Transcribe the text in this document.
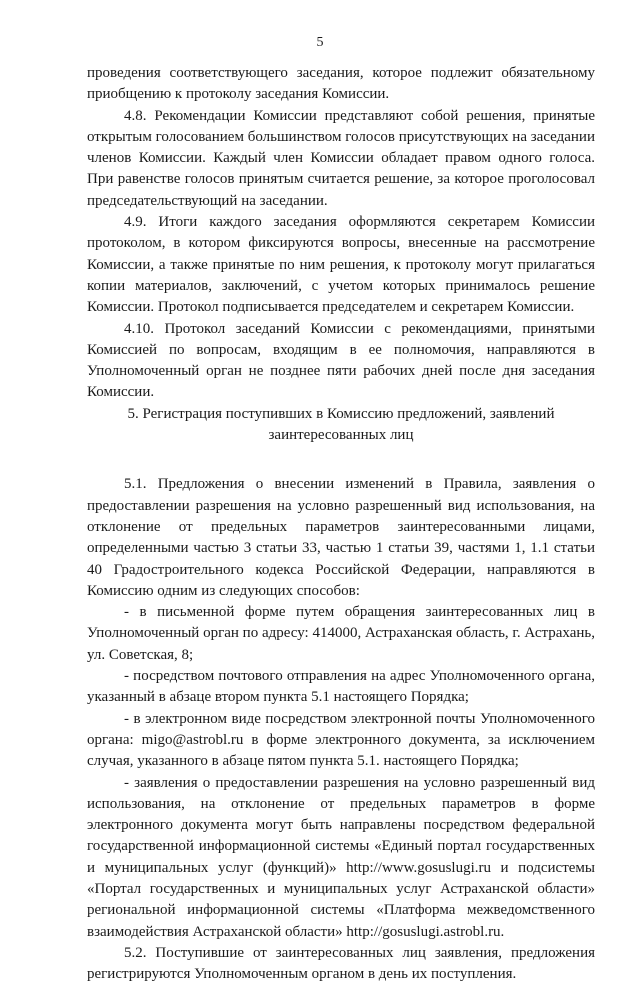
5

проведения соответствующего заседания, которое подлежит обязательному приобщению к протоколу заседания Комиссии.

4.8. Рекомендации Комиссии представляют собой решения, принятые открытым голосованием большинством голосов присутствующих на заседании членов Комиссии. Каждый член Комиссии обладает правом одного голоса. При равенстве голосов принятым считается решение, за которое проголосовал председательствующий на заседании.

4.9. Итоги каждого заседания оформляются секретарем Комиссии протоколом, в котором фиксируются вопросы, внесенные на рассмотрение Комиссии, а также принятые по ним решения, к протоколу могут прилагаться копии материалов, заключений, с учетом которых принималось решение Комиссии. Протокол подписывается председателем и секретарем Комиссии.

4.10. Протокол заседаний Комиссии с рекомендациями, принятыми Комиссией по вопросам, входящим в ее полномочия, направляются в Уполномоченный орган не позднее пяти рабочих дней после дня заседания Комиссии.

5. Регистрация поступивших в Комиссию предложений, заявлений заинтересованных лиц

5.1. Предложения о внесении изменений в Правила, заявления о предоставлении разрешения на условно разрешенный вид использования, на отклонение от предельных параметров заинтересованными лицами, определенными частью 3 статьи 33, частью 1 статьи 39, частями 1, 1.1 статьи 40 Градостроительного кодекса Российской Федерации, направляются в Комиссию одним из следующих способов:

- в письменной форме путем обращения заинтересованных лиц в Уполномоченный орган по адресу: 414000, Астраханская область, г. Астрахань, ул. Советская, 8;

- посредством почтового отправления на адрес Уполномоченного органа, указанный в абзаце втором пункта 5.1 настоящего Порядка;

- в электронном виде посредством электронной почты Уполномоченного органа: migo@astrobl.ru в форме электронного документа, за исключением случая, указанного в абзаце пятом пункта 5.1. настоящего Порядка;

- заявления о предоставлении разрешения на условно разрешенный вид использования, на отклонение от предельных параметров в форме электронного документа могут быть направлены посредством федеральной государственной информационной системы «Единый портал государственных и муниципальных услуг (функций)» http://www.gosuslugi.ru и подсистемы «Портал государственных и муниципальных услуг Астраханской области» региональной информационной системы «Платформа межведомственного взаимодействия Астраханской области» http://gosuslugi.astrobl.ru.

5.2. Поступившие от заинтересованных лиц заявления, предложения регистрируются Уполномоченным органом в день их поступления.
